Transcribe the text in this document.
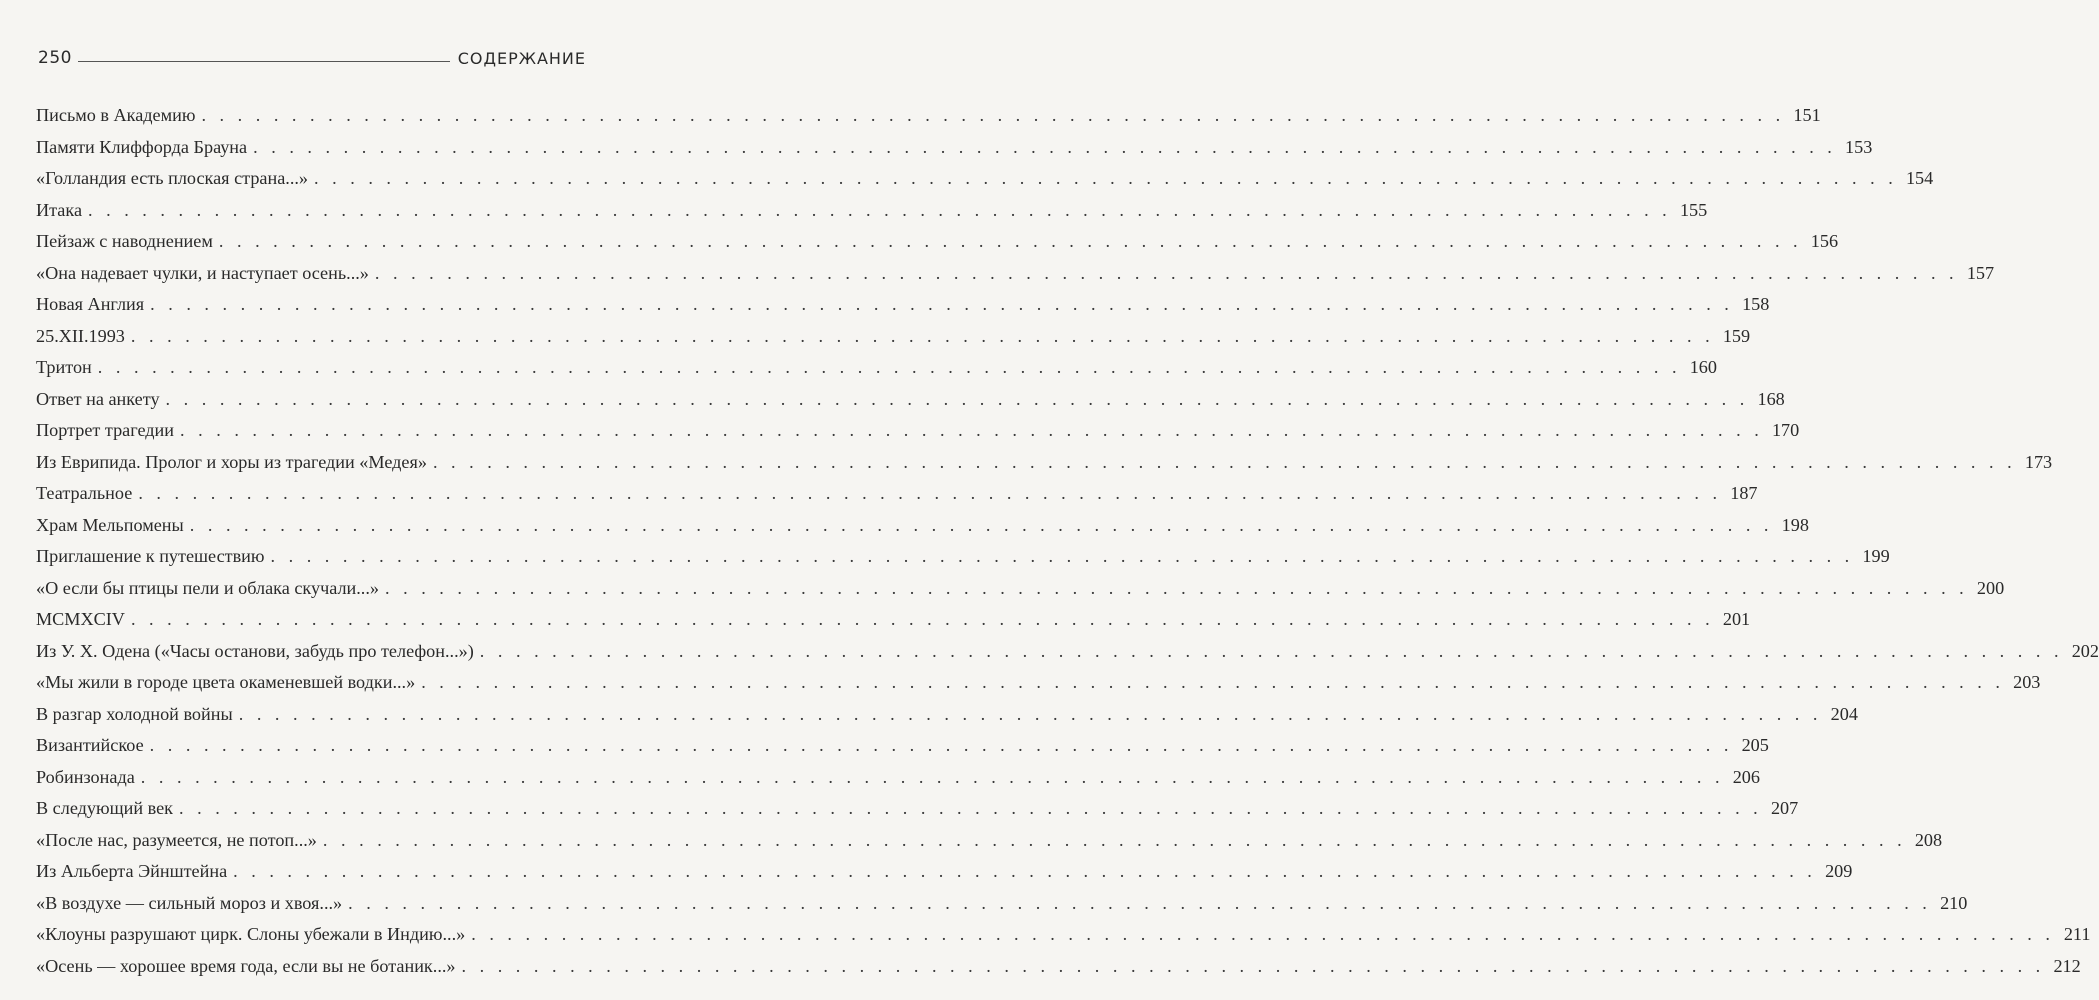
250	СОДЕРЖАНИЕ
Письмо в Академию . . .	151
Памяти Клиффорда Брауна . . .	153
«Голландия есть плоская страна...» . . .	154
Итака . . .	155
Пейзаж с наводнением . . .	156
«Она надевает чулки, и наступает осень...» . . .	157
Новая Англия . . .	158
25.XII.1993 . . .	159
Тритон . . .	160
Ответ на анкету . . .	168
Портрет трагедии . . .	170
Из Еврипида. Пролог и хоры из трагедии «Медея» . . .	173
Театральное . . .	187
Храм Мельпомены . . .	198
Приглашение к путешествию . . .	199
«О если бы птицы пели и облака скучали...» . . .	200
MCMXCIV . . .	201
Из У. Х. Одена («Часы останови, забудь про телефон...») . . .	202
«Мы жили в городе цвета окаменевшей водки...» . . .	203
В разгар холодной войны . . .	204
Византийское . . .	205
Робинзонада . . .	206
В следующий век . . .	207
«После нас, разумеется, не потоп...» . . .	208
Из Альберта Эйнштейна . . .	209
«В воздухе — сильный мороз и хвоя...» . . .	210
«Клоуны разрушают цирк. Слоны убежали в Индию...» . . .	211
«Осень — хорошее время года, если вы не ботаник...» . . .	212
